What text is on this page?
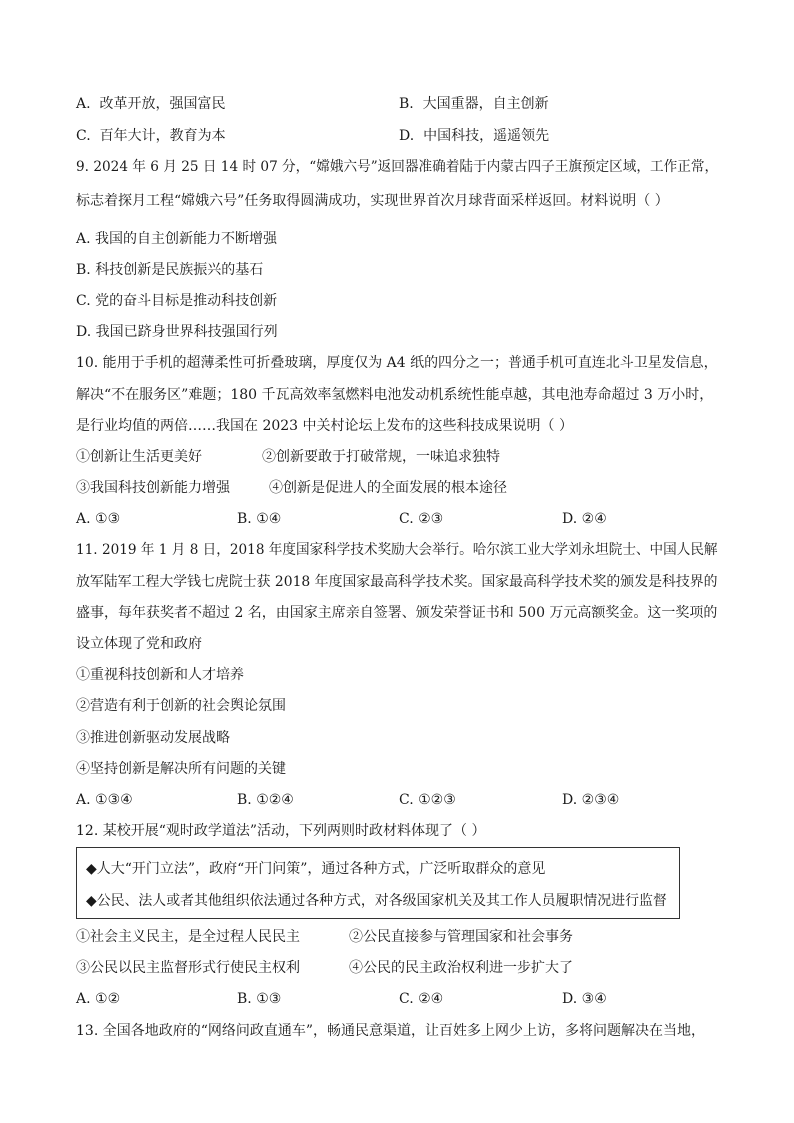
A. 改革开放，强国富民	B. 大国重器，自主创新
C. 百年大计，教育为本	D. 中国科技，遥遥领先
9. 2024 年 6 月 25 日 14 时 07 分，“嫦娥六号”返回器准确着陆于内蒙古四子王旗预定区域，工作正常，
标志着探月工程“嫦娥六号”任务取得圆满成功，实现世界首次月球背面采样返回。材料说明（ ）
A. 我国的自主创新能力不断增强
B. 科技创新是民族振兴的基石
C. 党的奋斗目标是推动科技创新
D. 我国已跻身世界科技强国行列
10. 能用于手机的超薄柔性可折叠玻璃，厚度仅为 A4 纸的四分之一；普通手机可直连北斗卫星发信息，
解决“不在服务区”难题；180 千瓦高效率氢燃料电池发动机系统性能卓越，其电池寿命超过 3 万小时，
是行业均值的两倍……我国在 2023 中关村论坛上发布的这些科技成果说明（ ）
①创新让生活更美好	②创新要敢于打破常规，一味追求独特
③我国科技创新能力增强	④创新是促进人的全面发展的根本途径
A. ①③	B. ①④	C. ②③	D. ②④
11. 2019 年 1 月 8 日，2018 年度国家科学技术奖励大会举行。哈尔滨工业大学刘永坦院士、中国人民解
放军陆军工程大学钱七虎院士获 2018 年度国家最高科学技术奖。国家最高科学技术奖的颁发是科技界的
盛事，每年获奖者不超过 2 名，由国家主席亲自签署、颁发荣誉证书和 500 万元高额奖金。这一奖项的
设立体现了党和政府
①重视科技创新和人才培养
②营造有利于创新的社会舆论氛围
③推进创新驱动发展战略
④坚持创新是解决所有问题的关键
A. ①③④	B. ①②④	C. ①②③	D. ②③④
12. 某校开展“观时政学道法”活动，下列两则时政材料体现了（ ）
◆人大“开门立法”，政府“开门问策”，通过各种方式，广泛听取群众的意见
◆公民、法人或者其他组织依法通过各种方式，对各级国家机关及其工作人员履职情况进行监督
①社会主义民主，是全过程人民民主	②公民直接参与管理国家和社会事务
③公民以民主监督形式行使民主权利	④公民的民主政治权利进一步扩大了
A. ①②	B. ①③	C. ②④	D. ③④
13. 全国各地政府的“网络问政直通车”，畅通民意渠道，让百姓多上网少上访，多将问题解决在当地，
